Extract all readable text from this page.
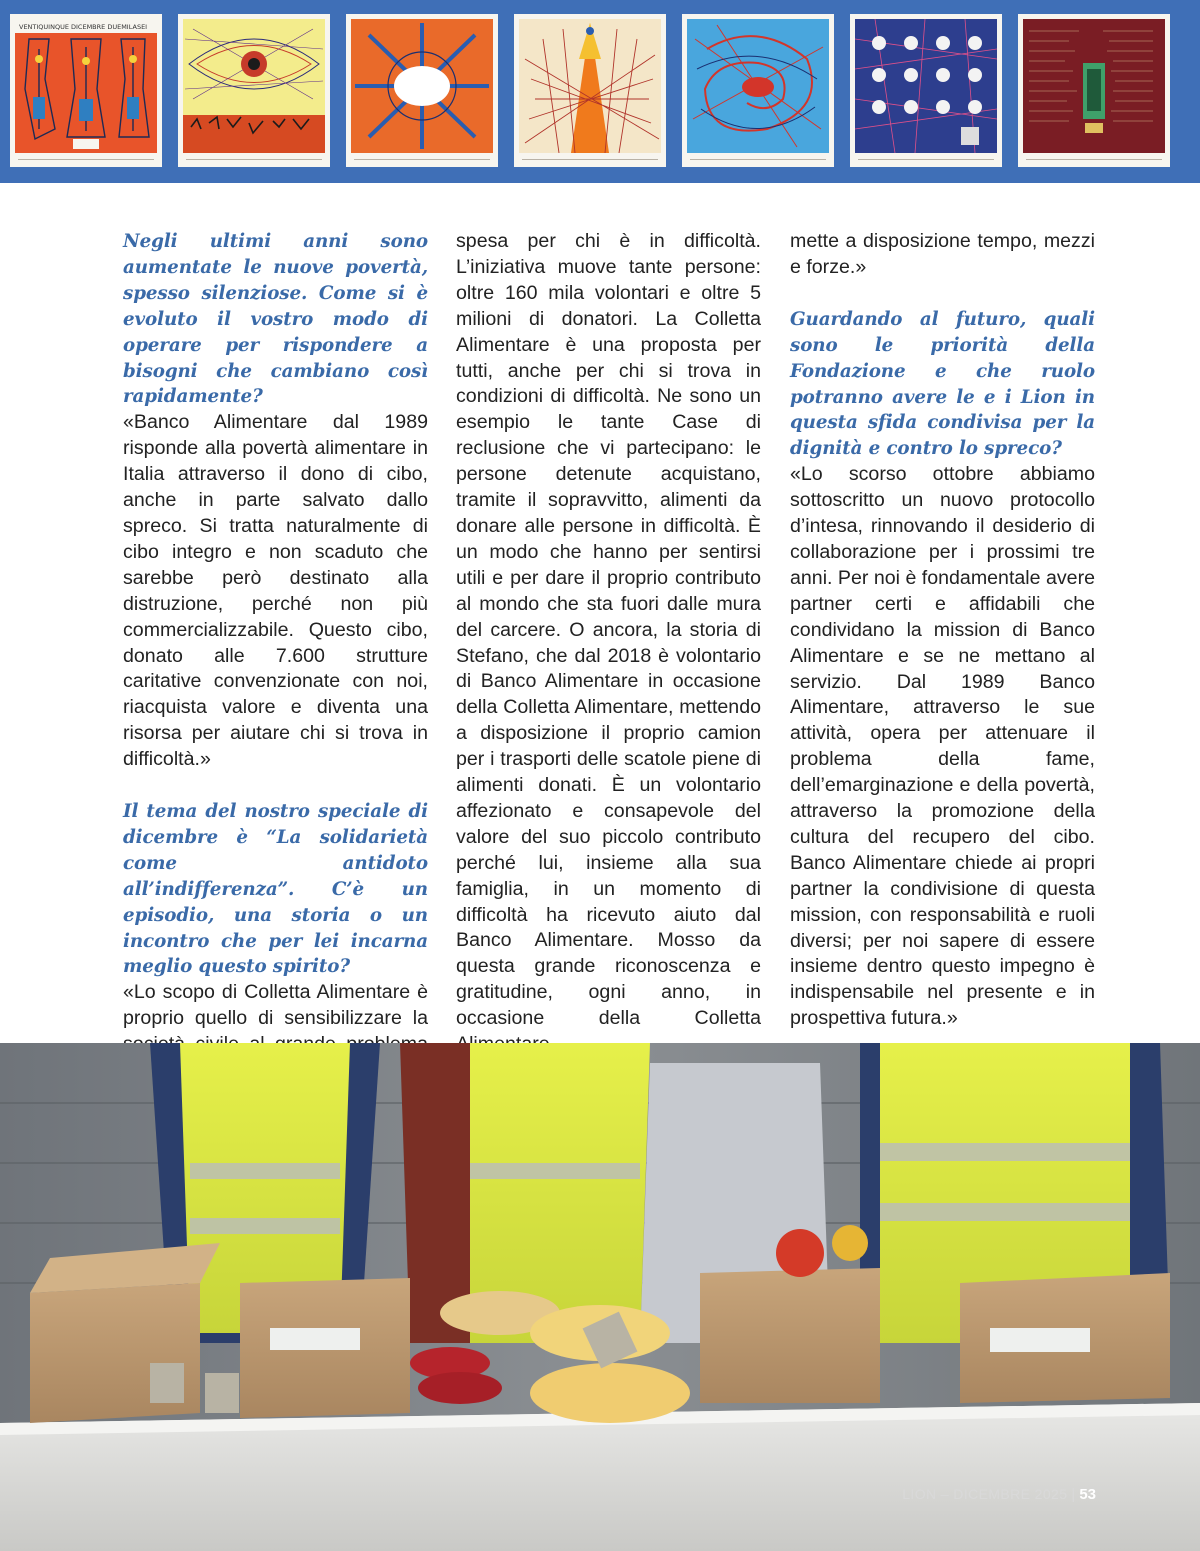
VENTIQUINQUE DICEMBRE DUEMILASEI

Negli ultimi anni sono aumentate le nuove povertà, spesso silenziose. Come si è evoluto il vostro modo di operare per rispondere a bisogni che cambiano così rapidamente?

«Banco Alimentare dal 1989 risponde alla povertà alimentare in Italia attraverso il dono di cibo, anche in parte salvato dallo spreco. Si tratta naturalmente di cibo integro e non scaduto che sarebbe però destinato alla distruzione, perché non più commercializzabile. Questo cibo, donato alle 7.600 strutture caritative convenzionate con noi, riacquista valore e diventa una risorsa per aiutare chi si trova in difficoltà.»

Il tema del nostro speciale di dicembre è “La solidarietà come antidoto all’indifferenza”. C’è un episodio, una storia o un incontro che per lei incarna meglio questo spirito?

«Lo scopo di Colletta Alimentare è proprio quello di sensibilizzare la

spesa per chi è in difficoltà. L’iniziativa muove tante persone: oltre 160 mila volontari e oltre 5 milioni di donatori. La Colletta Alimentare è una proposta per tutti, anche per chi si trova in condizioni di difficoltà. Ne sono un esempio le tante Case di reclusione che vi partecipano: le persone detenute acquistano, tramite il sopravvitto, alimenti da donare alle persone in difficoltà. È un modo che hanno per sentirsi utili e per dare il proprio contributo al mondo che sta fuori dalle mura del carcere. O ancora, la storia di Stefano, che dal 2018 è volontario di Banco Alimentare in occasione della Colletta Alimentare, mettendo a disposizione il proprio camion per i trasporti delle scatole piene di alimenti donati. È un volontario affezionato e consapevole del valore del suo piccolo contributo perché lui, insieme alla sua famiglia, in un momento di difficoltà ha ricevuto aiuto dal Banco Alimentare. Mosso da questa grande riconoscenza e gratitudine, ogni anno, in occasione della Colletta

mette a disposizione tempo, mezzi e forze.»

Guardando al futuro, quali sono le priorità della Fondazione e che ruolo potranno avere le e i Lion in questa sfida condivisa per la dignità e contro lo spreco?

«Lo scorso ottobre abbiamo sottoscritto un nuovo protocollo d’intesa, rinnovando il desiderio di collaborazione per i prossimi tre anni. Per noi è fondamentale avere partner certi e affidabili che condividano la mission di Banco Alimentare e se ne mettano al servizio. Dal 1989 Banco Alimentare, attraverso le sue attività, opera per attenuare il problema della fame, dell’emarginazione e della povertà, attraverso la promozione della cultura del recupero del cibo. Banco Alimentare chiede ai propri partner la condivisione di questa mission, con responsabilità e ruoli diversi; per noi sapere di essere insieme dentro questo impegno è indispensabile nel presente e in prospettiva futura.»

LION – DICEMBRE 2025 | 53
